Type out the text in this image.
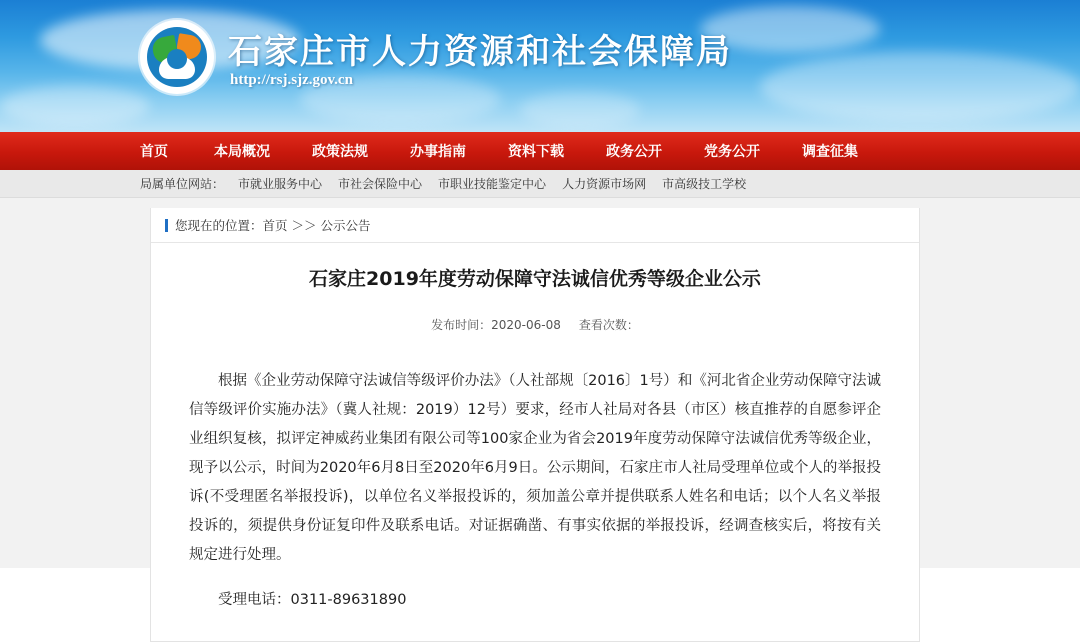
石家庄市人力资源和社会保障局
http://rsj.sjz.gov.cn
首页	本局概况	政策法规	办事指南	资料下载	政务公开	党务公开	调查征集
局属单位网站： 市就业服务中心 市社会保险中心 市职业技能鉴定中心 人力资源市场网 市高级技工学校
您现在的位置：首页 ＞＞ 公示公告
石家庄2019年度劳动保障守法诚信优秀等级企业公示
发布时间：2020-06-08 查看次数：

根据《企业劳动保障守法诚信等级评价办法》（人社部规〔2016〕1号）和《河北省企业劳动保障守法诚信等级评价实施办法》（冀人社规：2019）12号）要求，经市人社局对各县（市区）核直推荐的自愿参评企业组织复核，拟评定神威药业集团有限公司等100家企业为省会2019年度劳动保障守法诚信优秀等级企业，现予以公示，时间为2020年6月8日至2020年6月9日。公示期间，石家庄市人社局受理单位或个人的举报投诉(不受理匿名举报投诉)，以单位名义举报投诉的，须加盖公章并提供联系人姓名和电话；以个人名义举报投诉的，须提供身份证复印件及联系电话。对证据确凿、有事实依据的举报投诉，经调查核实后，将按有关规定进行处理。

受理电话：0311‐89631890
